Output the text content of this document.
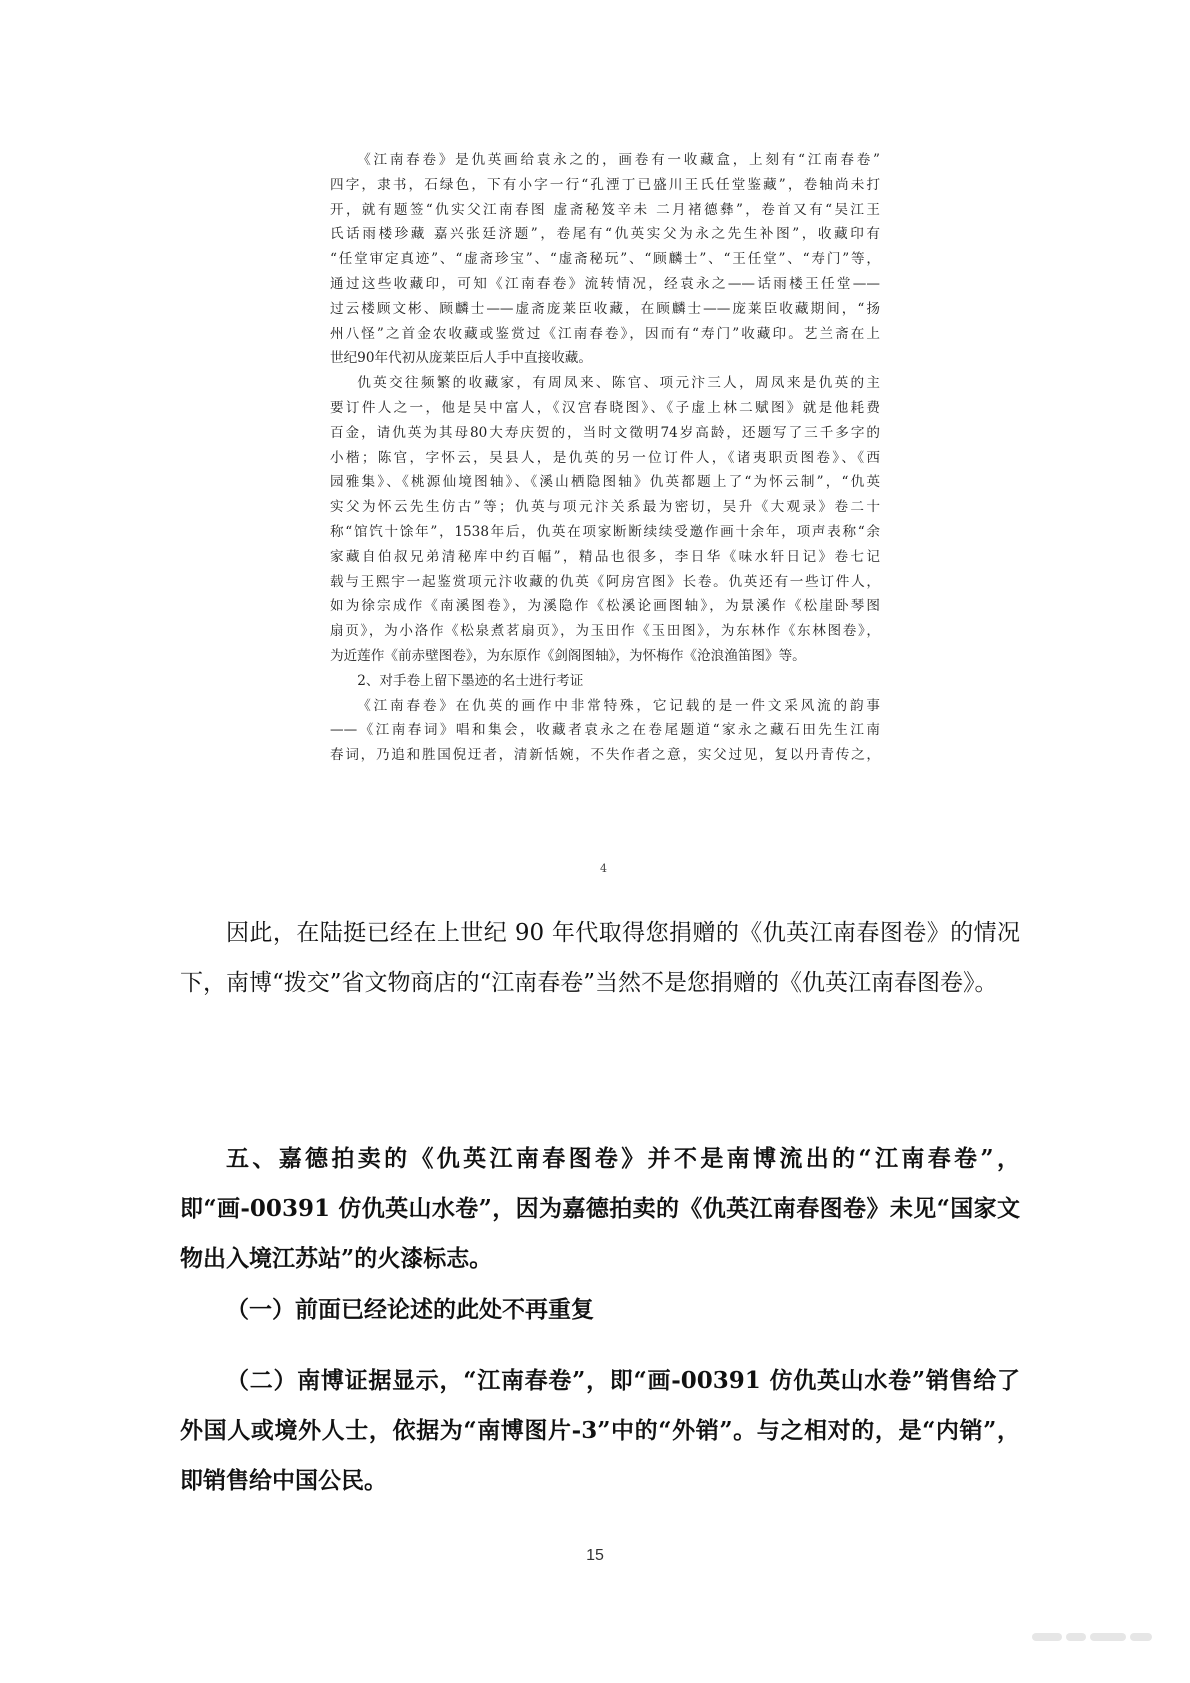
《江南春卷》是仇英画给袁永之的，画卷有一收藏盒，上刻有“江南春卷”

四字，隶书，石绿色，下有小字一行“孔湮丁已盛川王氏任堂鉴藏”，卷轴尚未打

开，就有题签“仇实父江南春图 虚斋秘笈辛未 二月褚德彝”，卷首又有“吴江王

氏话雨楼珍藏 嘉兴张廷济题”，卷尾有“仇英实父为永之先生补图”，收藏印有

“任堂审定真迹”、“虚斋珍宝”、“虚斋秘玩”、“顾麟士”、“王任堂”、“寿门”等，

通过这些收藏印，可知《江南春卷》流转情况，经袁永之——话雨楼王任堂——

过云楼顾文彬、顾麟士——虚斋庞莱臣收藏，在顾麟士——庞莱臣收藏期间，“扬

州八怪”之首金农收藏或鉴赏过《江南春卷》，因而有“寿门”收藏印。艺兰斋在上

世纪90年代初从庞莱臣后人手中直接收藏。

仇英交往频繁的收藏家，有周凤来、陈官、项元汴三人，周凤来是仇英的主

要订件人之一，他是吴中富人，《汉宫春晓图》、《子虚上林二赋图》就是他耗费

百金，请仇英为其母80大寿庆贺的，当时文徵明74岁高龄，还题写了三千多字的

小楷；陈官，字怀云，吴县人，是仇英的另一位订件人，《诸夷职贡图卷》、《西

园雅集》、《桃源仙境图轴》、《溪山栖隐图轴》仇英都题上了“为怀云制”，“仇英

实父为怀云先生仿古”等；仇英与项元汴关系最为密切，吴升《大观录》卷二十

称“馆饩十馀年”，1538年后，仇英在项家断断续续受邀作画十余年，项声表称“余

家藏自伯叔兄弟清秘库中约百幅”，精品也很多，李日华《味水轩日记》卷七记

载与王熙宇一起鉴赏项元汴收藏的仇英《阿房宫图》长卷。仇英还有一些订件人，

如为徐宗成作《南溪图卷》，为溪隐作《松溪论画图轴》，为景溪作《松崖卧琴图

扇页》，为小洛作《松泉煮茗扇页》，为玉田作《玉田图》，为东林作《东林图卷》，

为近莲作《前赤壁图卷》，为东原作《剑阁图轴》，为怀梅作《沧浪渔笛图》等。

2、对手卷上留下墨迹的名士进行考证

《江南春卷》在仇英的画作中非常特殊，它记载的是一件文采风流的韵事

——《江南春词》唱和集会，收藏者袁永之在卷尾题道“家永之藏石田先生江南

春词，乃追和胜国倪迂者，清新恬婉，不失作者之意，实父过见，复以丹青传之，

4

因此，在陆挺已经在上世纪 90 年代取得您捐赠的《仇英江南春图卷》的情况下，南博“拨交”省文物商店的“江南春卷”当然不是您捐赠的《仇英江南春图卷》。

五、嘉德拍卖的《仇英江南春图卷》并不是南博流出的“江南春卷”，即“画-00391 仿仇英山水卷”，因为嘉德拍卖的《仇英江南春图卷》未见“国家文物出入境江苏站”的火漆标志。

（一）前面已经论述的此处不再重复

（二）南博证据显示，“江南春卷”，即“画-00391 仿仇英山水卷”销售给了外国人或境外人士，依据为“南博图片-3”中的“外销”。与之相对的，是“内销”，即销售给中国公民。

15
